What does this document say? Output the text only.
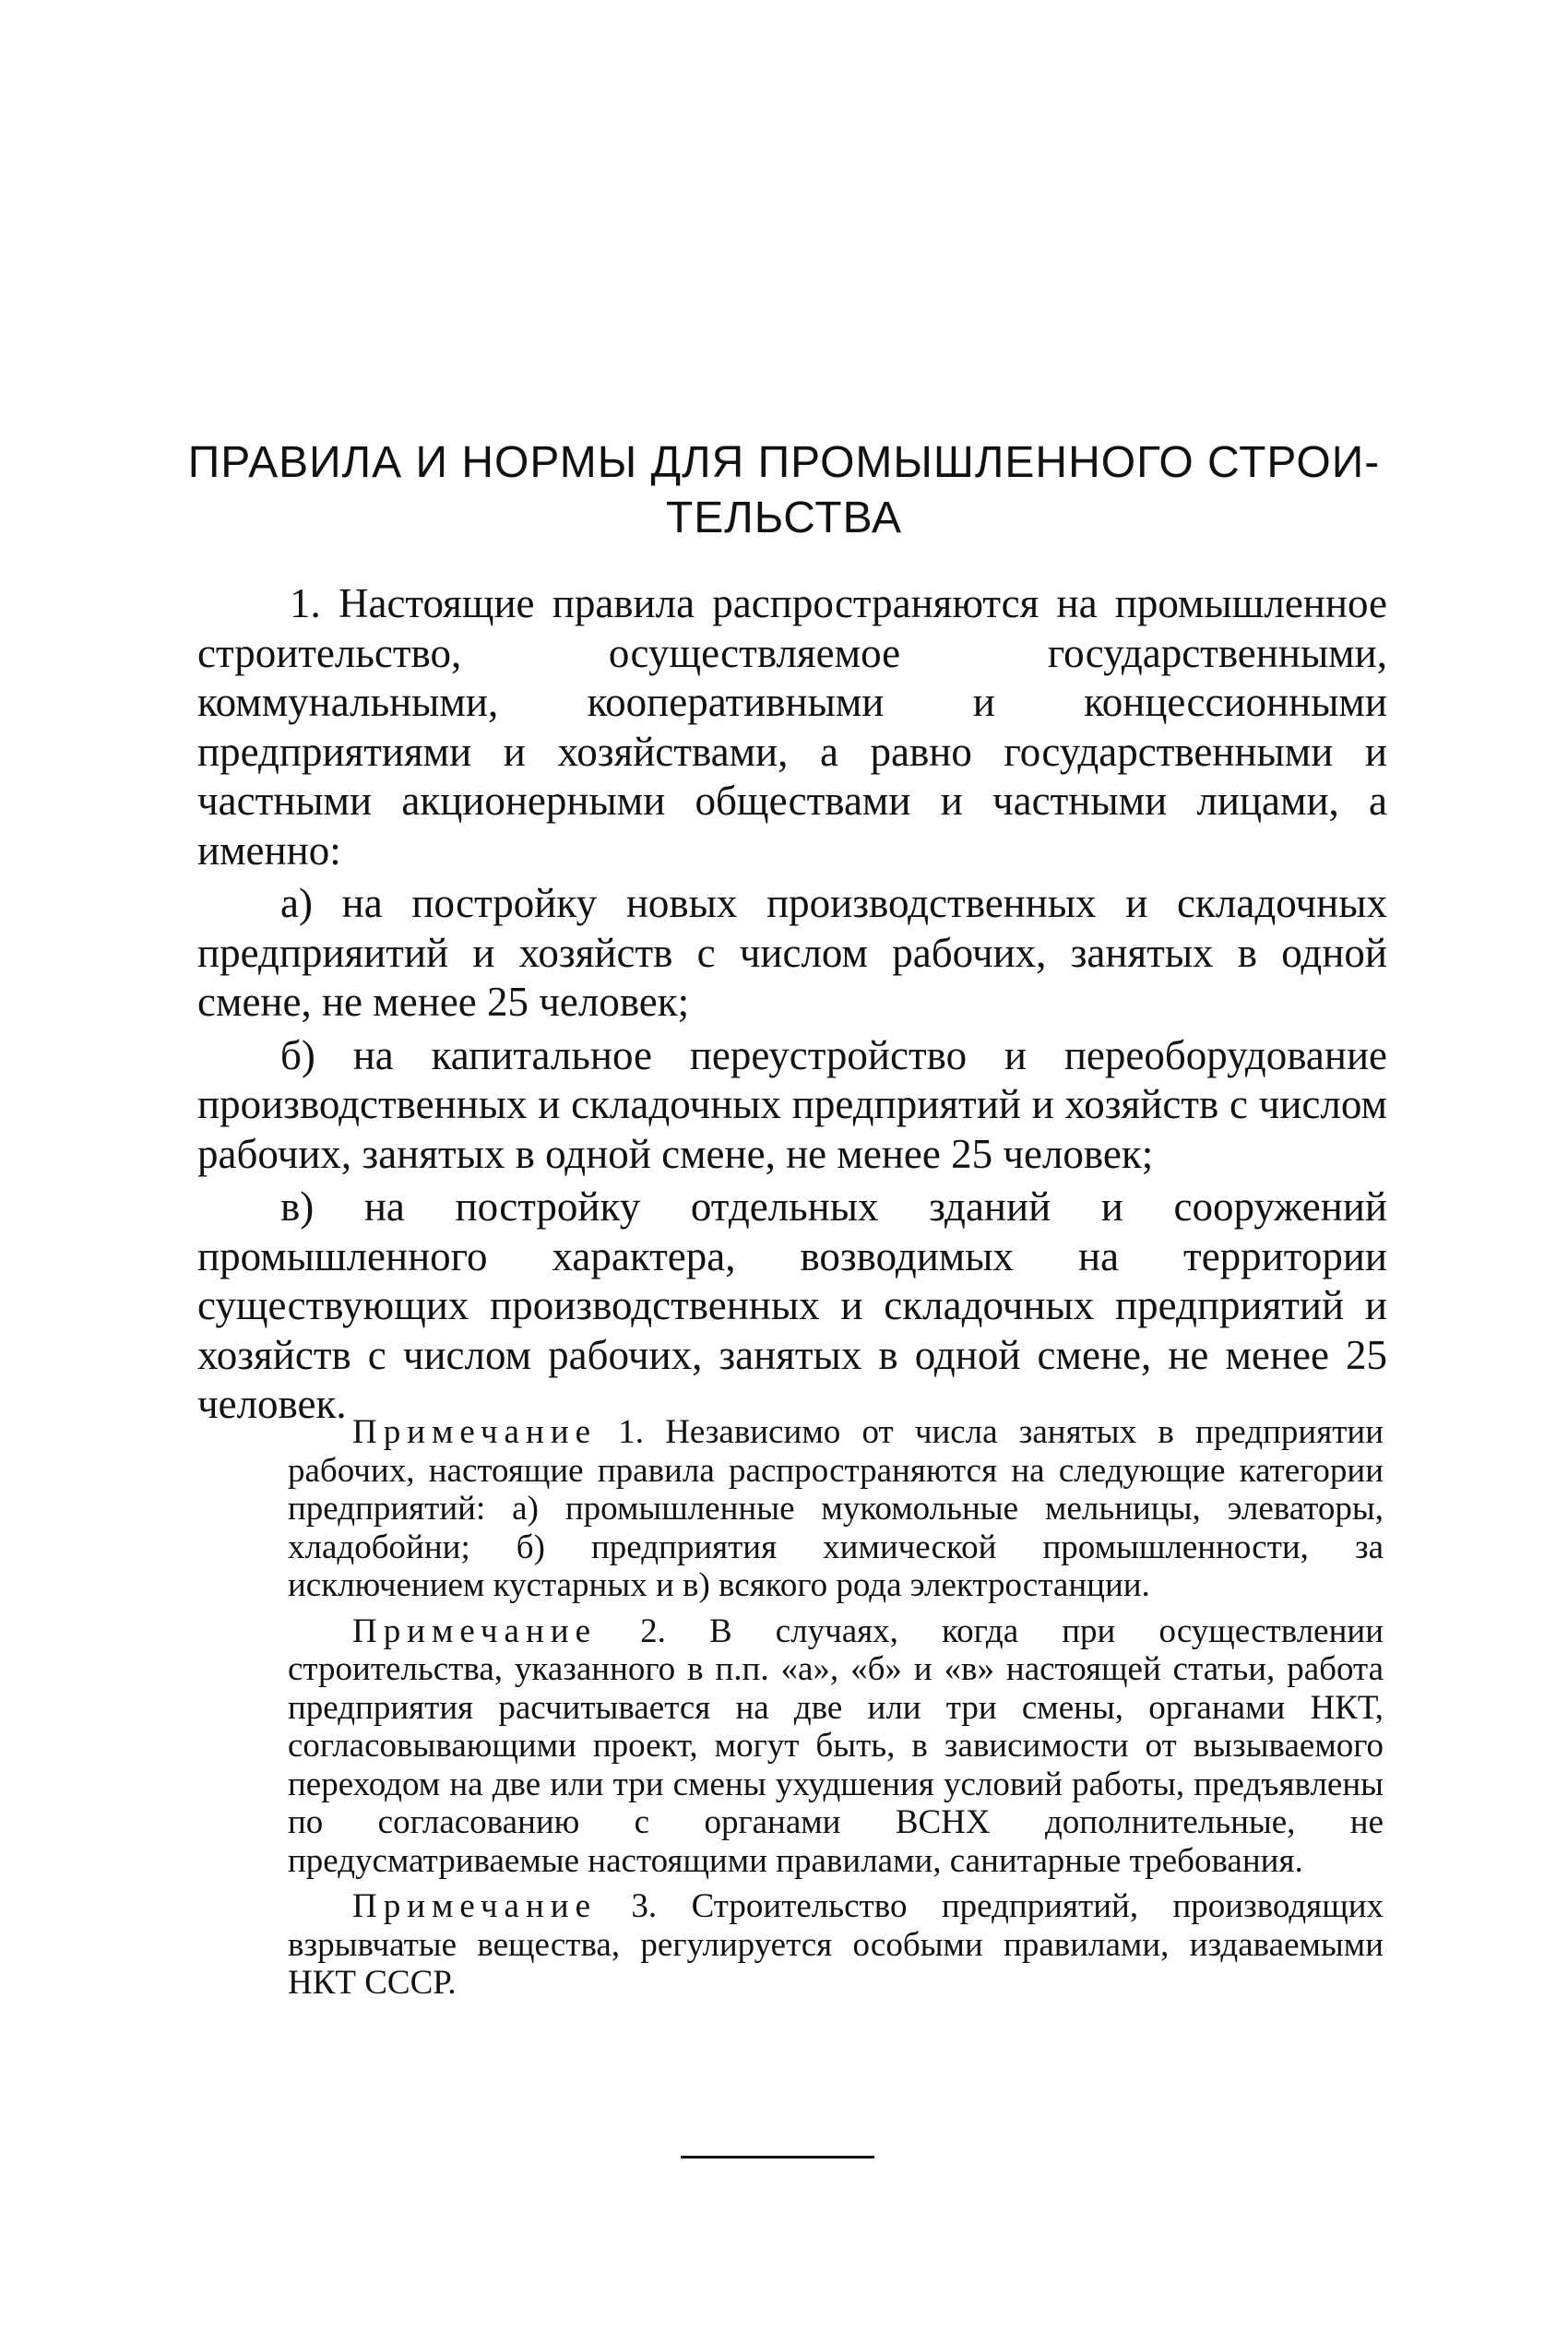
ПРАВИЛА И НОРМЫ ДЛЯ ПРОМЫШЛЕННОГО СТРОИ-
ТЕЛЬСТВА

1. Настоящие правила распространяются на промышленное строительство, осуществляемое государственными, коммунальными, кооперативными и концессионными предприятиями и хозяйствами, а равно государственными и частными акционерными обществами и частными лицами, а именно:

а) на постройку новых производственных и складочных предприяитий и хозяйств с числом рабочих, занятых в одной смене, не менее 25 человек;

б) на капитальное переустройство и переоборудование производственных и складочных предприятий и хозяйств с числом рабочих, занятых в одной смене, не менее 25 человек;

в) на постройку отдельных зданий и сооружений промышленного характера, возводимых на территории существующих производственных и складочных предприятий и хозяйств с числом рабочих, занятых в одной смене, не менее 25 человек.

Примечание 1. Независимо от числа занятых в предприятии рабочих, настоящие правила распространяются на следующие категории предприятий: а) промышленные мукомольные мельницы, элеваторы, хладобойни; б) предприятия химической промышленности, за исключением кустарных и в) всякого рода электростанции.

Примечание 2. В случаях, когда при осуществлении строительства, указанного в п.п. «а», «б» и «в» настоящей статьи, работа предприятия расчитывается на две или три смены, органами НКТ, согласовывающими проект, могут быть, в зависимости от вызываемого переходом на две или три смены ухудшения условий работы, предъявлены по согласованию с органами ВСНХ дополнительные, не предусматриваемые настоящими правилами, санитарные требования.

Примечание 3. Строительство предприятий, производящих взрывчатые вещества, регулируется особыми правилами, издаваемыми НКТ СССР.
